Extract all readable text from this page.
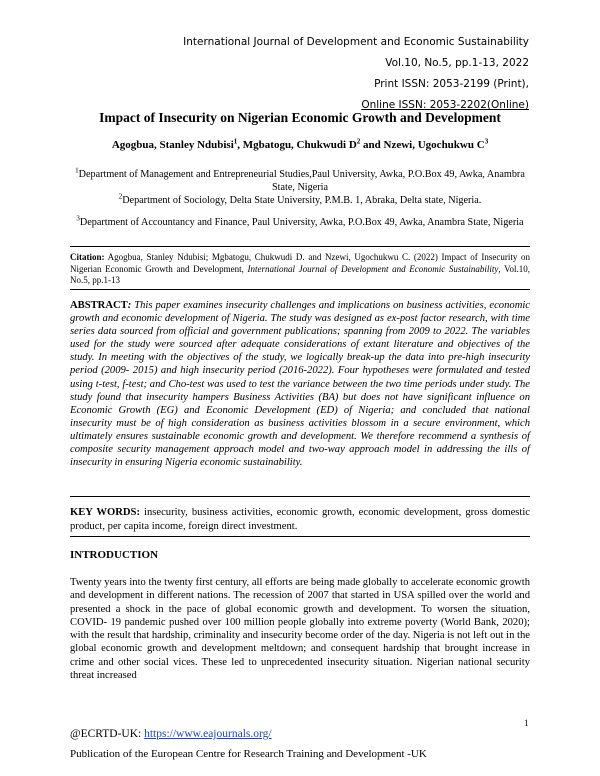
International Journal of Development and Economic Sustainability
Vol.10, No.5, pp.1-13, 2022
Print ISSN: 2053-2199 (Print),
Online ISSN: 2053-2202(Online)
Impact of Insecurity on Nigerian Economic Growth and Development
Agogbua, Stanley Ndubisi$^1$, Mgbatogu, Chukwudi $D^2$ and Nzewi, Ugochukwu $C^3$
$^1$Department of Management and Entrepreneurial Studies,Paul University, Awka, P.O.Box 49, Awka, Anambra State, Nigeria
$^2$Department of Sociology, Delta State University, P.M.B. 1, Abraka, Delta state, Nigeria.
$^3$Department of Accountancy and Finance, Paul University, Awka, P.O.Box 49, Awka, Anambra State, Nigeria
Citation: Agogbua, Stanley Ndubisi; Mgbatogu, Chukwudi D. and Nzewi, Ugochukwu C. (2022) Impact of Insecurity on Nigerian Economic Growth and Development, International Journal of Development and Economic Sustainability, Vol.10, No.5, pp.1-13
ABSTRACT: This paper examines insecurity challenges and implications on business activities, economic growth and economic development of Nigeria. The study was designed as ex-post factor research, with time series data sourced from official and government publications; spanning from 2009 to 2022. The variables used for the study were sourced after adequate considerations of extant literature and objectives of the study. In meeting with the objectives of the study, we logically break-up the data into pre-high insecurity period (2009- 2015) and high insecurity period (2016-2022). Four hypotheses were formulated and tested using t-test, f-test; and Cho-test was used to test the variance between the two time periods under study. The study found that insecurity hampers Business Activities (BA) but does not have significant influence on Economic Growth (EG) and Economic Development (ED) of Nigeria; and concluded that national insecurity must be of high consideration as business activities blossom in a secure environment, which ultimately ensures sustainable economic growth and development. We therefore recommend a synthesis of composite security management approach model and two-way approach model in addressing the ills of insecurity in ensuring Nigeria economic sustainability.
KEY WORDS: insecurity, business activities, economic growth, economic development, gross domestic product, per capita income, foreign direct investment.
INTRODUCTION
Twenty years into the twenty first century, all efforts are being made globally to accelerate economic growth and development in different nations. The recession of 2007 that started in USA spilled over the world and presented a shock in the pace of global economic growth and development. To worsen the situation, COVID- 19 pandemic pushed over 100 million people globally into extreme poverty (World Bank, 2020); with the result that hardship, criminality and insecurity become order of the day. Nigeria is not left out in the global economic growth and development meltdown; and consequent hardship that brought increase in crime and other social vices. These led to unprecedented insecurity situation. Nigerian national security threat increased
1
@ECRTD-UK: https://www.eajournals.org/
Publication of the European Centre for Research Training and Development -UK
